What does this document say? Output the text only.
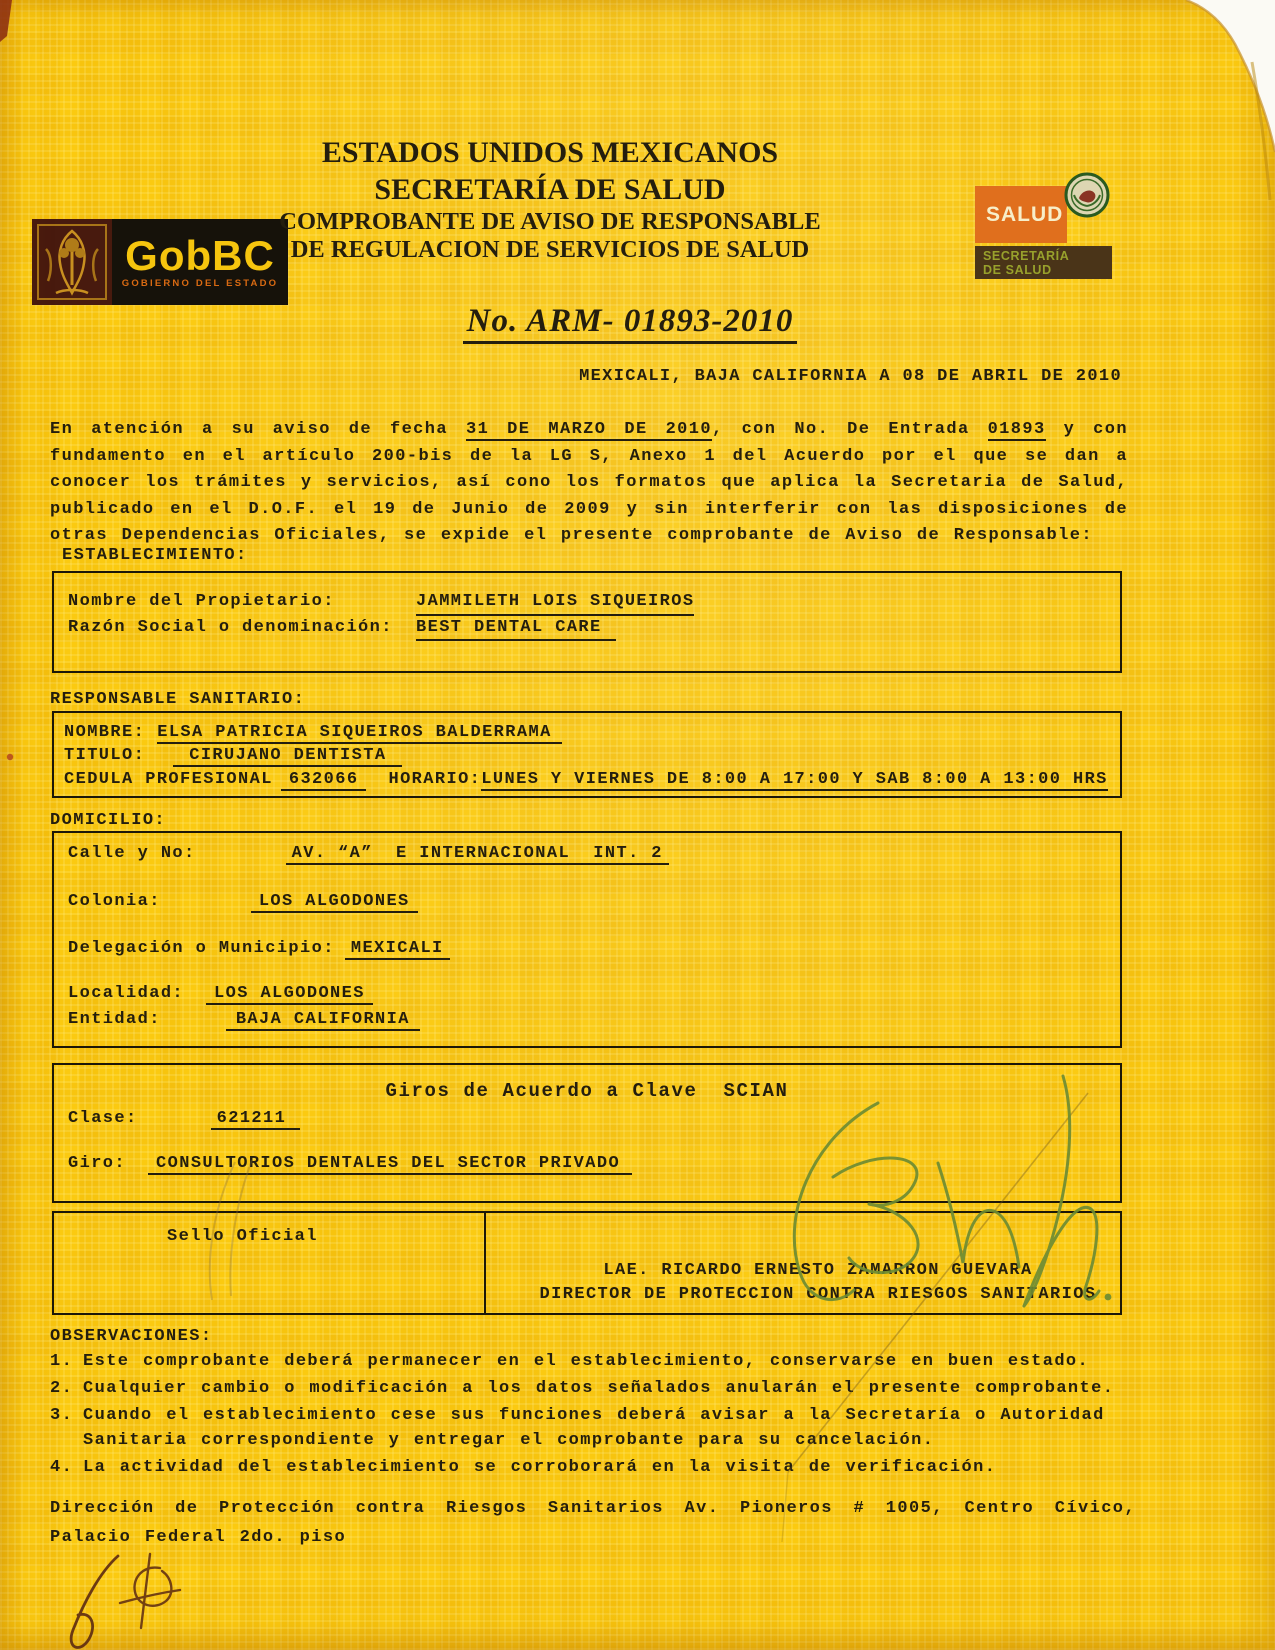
GobBC
GOBIERNO DEL ESTADO
ESTADOS UNIDOS MEXICANOS
SECRETARÍA DE SALUD
COMPROBANTE DE AVISO DE RESPONSABLE
DE REGULACION DE SERVICIOS DE SALUD
No. ARM- 01893-2010
SALUD
SECRETARÍA
DE SALUD
MEXICALI, BAJA CALIFORNIA A 08 DE ABRIL DE 2010
En atención a su aviso de fecha 31 DE MARZO DE 2010, con No. De Entrada 01893 y con fundamento en el artículo 200-bis de la LG S, Anexo 1 del Acuerdo por el que se dan a conocer los trámites y servicios, así cono los formatos que aplica la Secretaria de Salud, publicado en el D.O.F. el 19 de Junio de 2009 y sin interferir con las disposiciones de otras Dependencias Oficiales, se expide el presente comprobante de Aviso de Responsable:
ESTABLECIMIENTO:
Nombre del Propietario:	JAMMILETH LOIS SIQUEIROS
Razón Social o denominación:	BEST DENTAL CARE
RESPONSABLE SANITARIO:
NOMBRE: ELSA PATRICIA SIQUEIROS BALDERRAMA
TITULO:	CIRUJANO DENTISTA
CEDULA PROFESIONAL 632066 HORARIO:LUNES Y VIERNES DE 8:00 A 17:00 Y SAB 8:00 A 13:00 HRS
DOMICILIO:
Calle y No:	AV. “A”  E INTERNACIONAL  INT. 2
Colonia:	LOS ALGODONES
Delegación o Municipio: MEXICALI
Localidad: LOS ALGODONES
Entidad:	BAJA CALIFORNIA
Giros de Acuerdo a Clave  SCIAN
Clase:	621211
Giro: CONSULTORIOS DENTALES DEL SECTOR PRIVADO
Sello Oficial
LAE. RICARDO ERNESTO ZAMARRON GUEVARA
DIRECTOR DE PROTECCION CONTRA RIESGOS SANITARIOS
OBSERVACIONES:
1. Este comprobante deberá permanecer en el establecimiento, conservarse en buen estado.
2. Cualquier cambio o modificación a los datos señalados anularán el presente comprobante.
3. Cuando el establecimiento cese sus funciones deberá avisar a la Secretaría o Autoridad Sanitaria correspondiente y entregar el comprobante para su cancelación.
4. La actividad del establecimiento se corroborará en la visita de verificación.
Dirección de Protección contra Riesgos Sanitarios Av. Pioneros # 1005, Centro Cívico, Palacio Federal 2do. piso
